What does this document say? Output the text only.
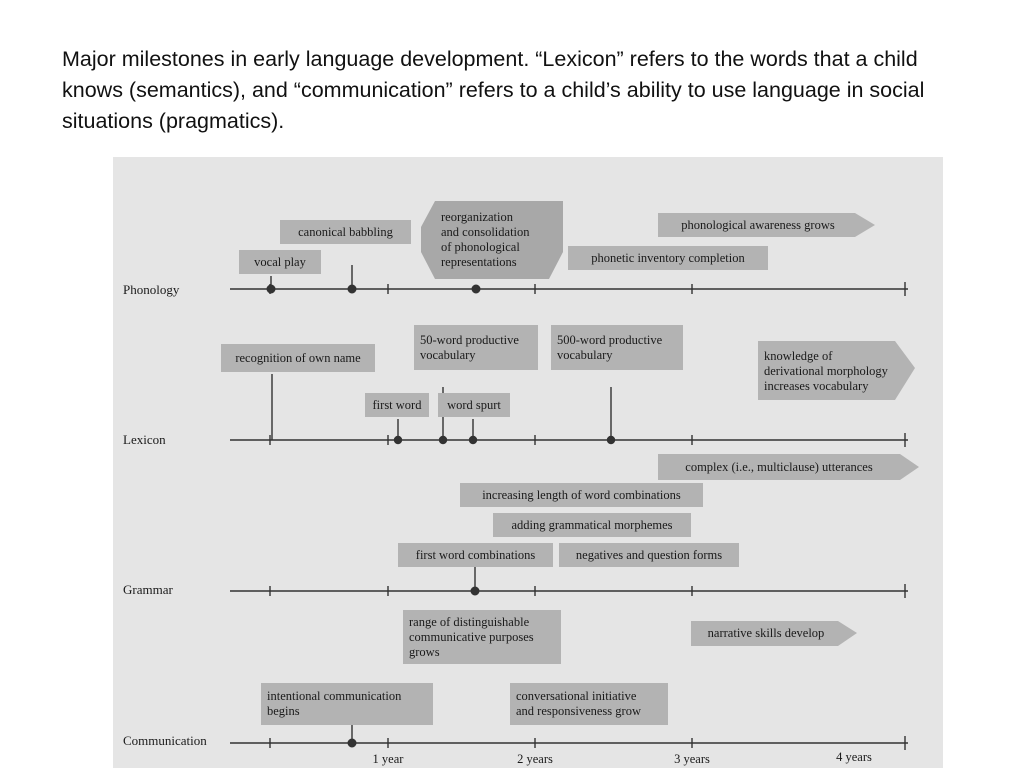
Major milestones in early language development. “Lexicon” refers to the words that a child knows (semantics), and “communication” refers to a child’s ability to use language in social situations (pragmatics).
Phonology
Lexicon
Grammar
Communication
1 year	2 years	3 years	4 years
canonical babbling
vocal play
reorganization
and consolidation
of phonological
representations	phonetic inventory completion
phonological awareness grows
recognition of own name
50-word productive
vocabulary
500-word productive
vocabulary
first word word spurt
knowledge of
derivational morphology
increases vocabulary
complex (i.e., multiclause) utterances
increasing length of word combinations
adding grammatical morphemes
first word combinations	negatives and question forms
range of distinguishable
communicative purposes
grows
narrative skills develop
intentional communication
begins
conversational initiative
and responsiveness grow
